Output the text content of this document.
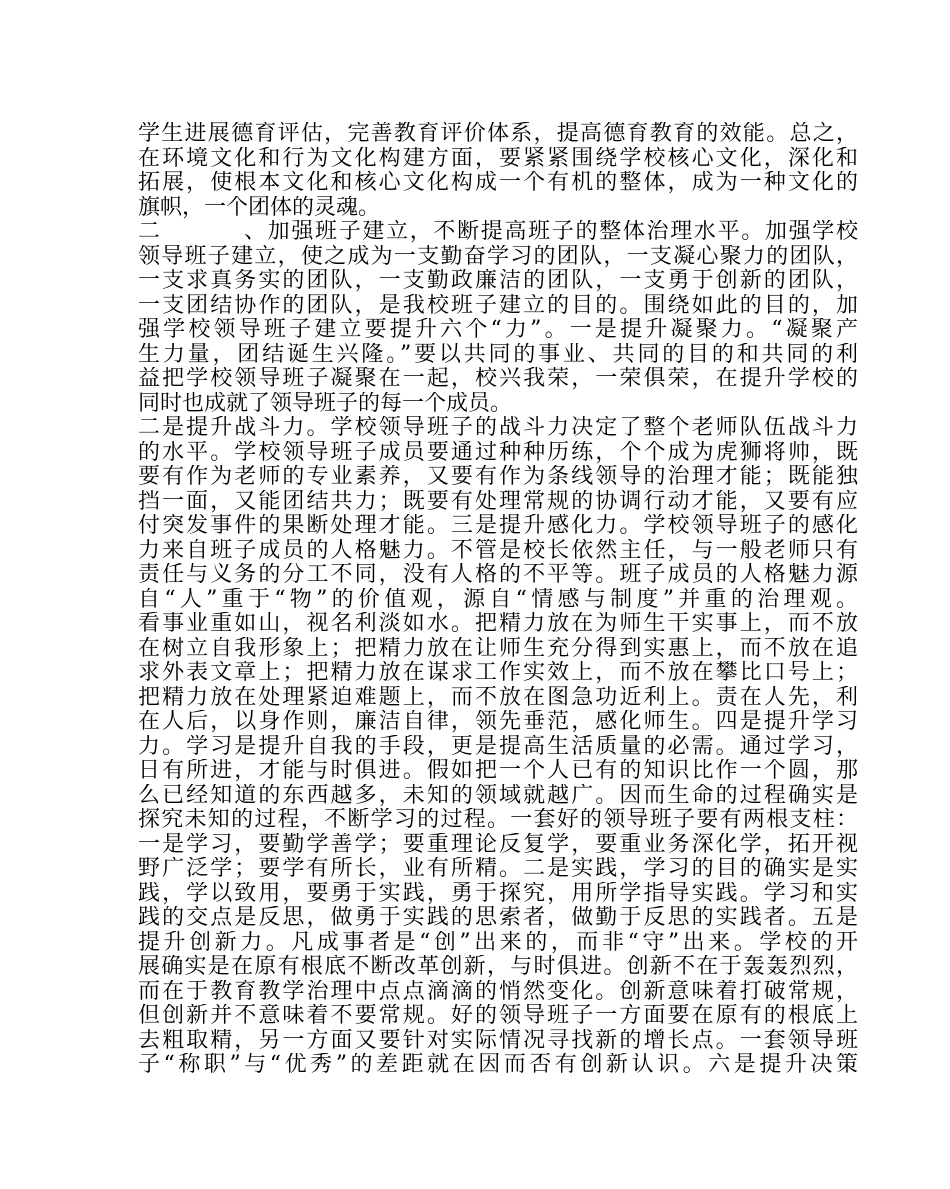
学生进展德育评估，完善教育评价体系，提高德育教育的效能。总之，
在环境文化和行为文化构建方面，要紧紧围绕学校核心文化，深化和
拓展，使根本文化和核心文化构成一个有机的整体，成为一种文化的
旗帜，一个团体的灵魂。
二、加强班子建立，不断提高班子的整体治理水平。加强学校
领导班子建立，使之成为一支勤奋学习的团队，一支凝心聚力的团队，
一支求真务实的团队，一支勤政廉洁的团队，一支勇于创新的团队，
一支团结协作的团队，是我校班子建立的目的。围绕如此的目的，加
强学校领导班子建立要提升六个“力”。一是提升凝聚力。“凝聚产
生力量，团结诞生兴隆。”要以共同的事业、共同的目的和共同的利
益把学校领导班子凝聚在一起，校兴我荣，一荣俱荣，在提升学校的
同时也成就了领导班子的每一个成员。
二是提升战斗力。学校领导班子的战斗力决定了整个老师队伍战斗力
的水平。学校领导班子成员要通过种种历练，个个成为虎狮将帅，既
要有作为老师的专业素养，又要有作为条线领导的治理才能；既能独
挡一面，又能团结共力；既要有处理常规的协调行动才能，又要有应
付突发事件的果断处理才能。三是提升感化力。学校领导班子的感化
力来自班子成员的人格魅力。不管是校长依然主任，与一般老师只有
责任与义务的分工不同，没有人格的不平等。班子成员的人格魅力源
自“人”重于“物”的价值观，源自“情感与制度”并重的治理观。
看事业重如山，视名利淡如水。把精力放在为师生干实事上，而不放
在树立自我形象上；把精力放在让师生充分得到实惠上，而不放在追
求外表文章上；把精力放在谋求工作实效上，而不放在攀比口号上；
把精力放在处理紧迫难题上，而不放在图急功近利上。责在人先，利
在人后，以身作则，廉洁自律，领先垂范，感化师生。四是提升学习
力。学习是提升自我的手段，更是提高生活质量的必需。通过学习，
日有所进，才能与时俱进。假如把一个人已有的知识比作一个圆，那
么已经知道的东西越多，未知的领域就越广。因而生命的过程确实是
探究未知的过程，不断学习的过程。一套好的领导班子要有两根支柱：
一是学习，要勤学善学；要重理论反复学，要重业务深化学，拓开视
野广泛学；要学有所长，业有所精。二是实践，学习的目的确实是实
践，学以致用，要勇于实践，勇于探究，用所学指导实践。学习和实
践的交点是反思，做勇于实践的思索者，做勤于反思的实践者。五是
提升创新力。凡成事者是“创”出来的，而非“守”出来。学校的开
展确实是在原有根底不断改革创新，与时俱进。创新不在于轰轰烈烈，
而在于教育教学治理中点点滴滴的悄然变化。创新意味着打破常规，
但创新并不意味着不要常规。好的领导班子一方面要在原有的根底上
去粗取精，另一方面又要针对实际情况寻找新的增长点。一套领导班
子“称职”与“优秀”的差距就在因而否有创新认识。六是提升决策
